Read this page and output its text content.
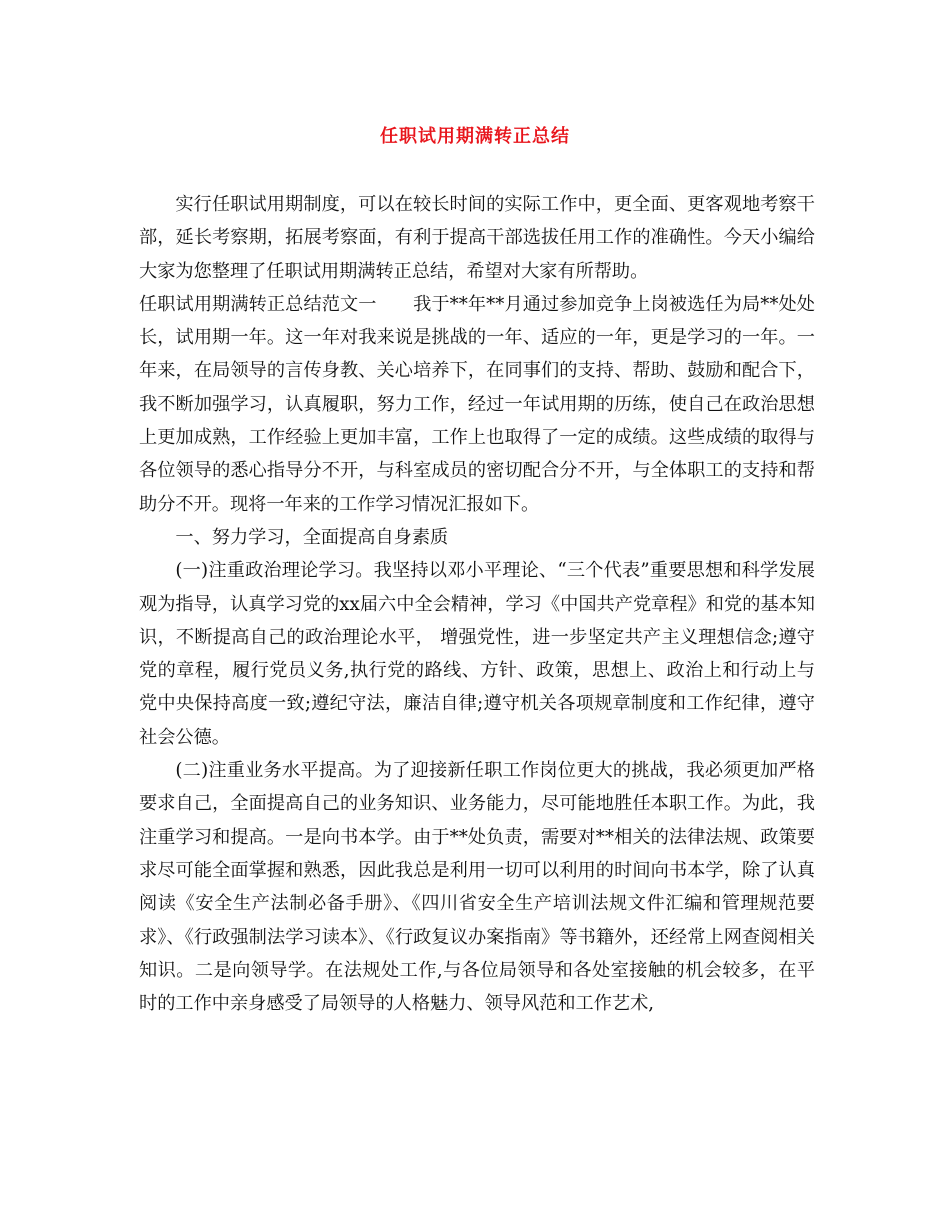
任职试用期满转正总结

实行任职试用期制度，可以在较长时间的实际工作中，更全面、更客观地考察干部，延长考察期，拓展考察面，有利于提高干部选拔任用工作的准确性。今天小编给大家为您整理了任职试用期满转正总结，希望对大家有所帮助。

任职试用期满转正总结范文一　　我于**年**月通过参加竞争上岗被选任为局**处处长，试用期一年。这一年对我来说是挑战的一年、适应的一年，更是学习的一年。一年来，在局领导的言传身教、关心培养下，在同事们的支持、帮助、鼓励和配合下，我不断加强学习，认真履职，努力工作，经过一年试用期的历练，使自己在政治思想上更加成熟，工作经验上更加丰富，工作上也取得了一定的成绩。这些成绩的取得与各位领导的悉心指导分不开，与科室成员的密切配合分不开，与全体职工的支持和帮助分不开。现将一年来的工作学习情况汇报如下。

一、努力学习，全面提高自身素质

(一)注重政治理论学习。我坚持以邓小平理论、“三个代表”重要思想和科学发展观为指导，认真学习党的xx届六中全会精神，学习《中国共产党章程》和党的基本知识，不断提高自己的政治理论水平， 增强党性，进一步坚定共产主义理想信念;遵守党的章程，履行党员义务,执行党的路线、方针、政策，思想上、政治上和行动上与党中央保持高度一致;遵纪守法，廉洁自律;遵守机关各项规章制度和工作纪律，遵守社会公德。

(二)注重业务水平提高。为了迎接新任职工作岗位更大的挑战，我必须更加严格要求自己，全面提高自己的业务知识、业务能力，尽可能地胜任本职工作。为此，我注重学习和提高。一是向书本学。由于**处负责，需要对**相关的法律法规、政策要求尽可能全面掌握和熟悉，因此我总是利用一切可以利用的时间向书本学，除了认真阅读《安全生产法制必备手册》、《四川省安全生产培训法规文件汇编和管理规范要求》、《行政强制法学习读本》、《行政复议办案指南》等书籍外，还经常上网查阅相关知识。二是向领导学。在法规处工作,与各位局领导和各处室接触的机会较多，在平时的工作中亲身感受了局领导的人格魅力、领导风范和工作艺术,
